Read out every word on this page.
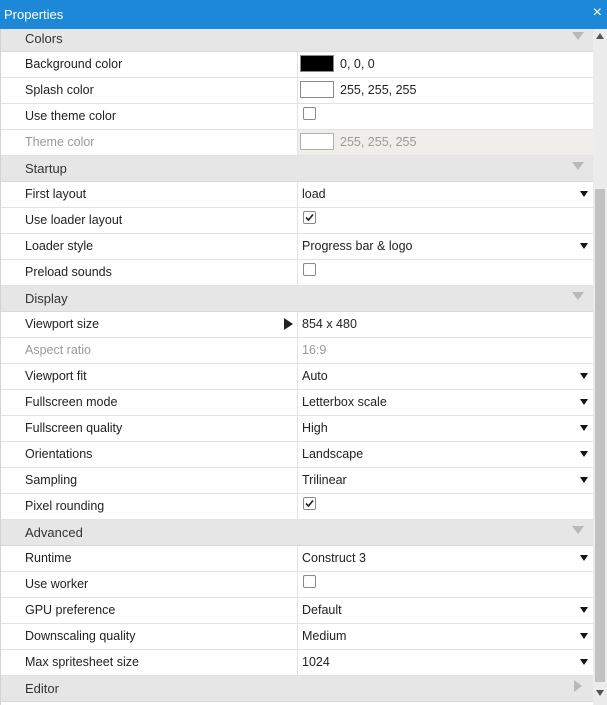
Properties	×
Colors
Background color	0, 0, 0
Splash color	255, 255, 255
Use theme color
Theme color	255, 255, 255
Startup
First layout	load
Use loader layout
Loader style	Progress bar & logo
Preload sounds
Display
Viewport size	854 x 480
Aspect ratio	16:9
Viewport fit	Auto
Fullscreen mode	Letterbox scale
Fullscreen quality	High
Orientations	Landscape
Sampling	Trilinear
Pixel rounding
Advanced
Runtime	Construct 3
Use worker
GPU preference	Default
Downscaling quality	Medium
Max spritesheet size	1024
Editor
